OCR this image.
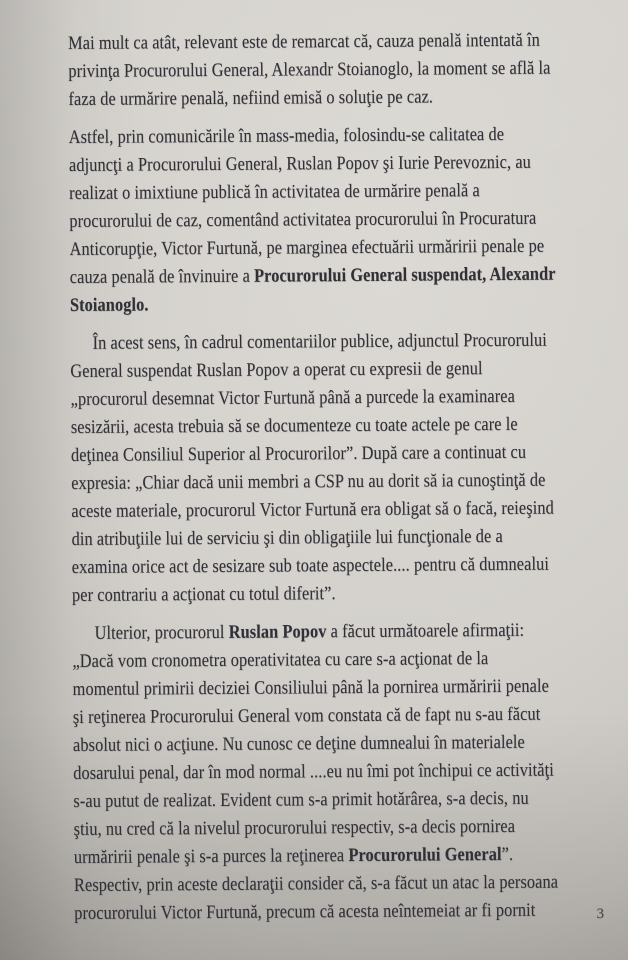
Mai mult ca atât, relevant este de remarcat că, cauza penală intentată în
privinţa Procurorului General, Alexandr Stoianoglo, la moment se află la
faza de urmărire penală, nefiind emisă o soluţie pe caz.
Astfel, prin comunicările în mass-media, folosindu-se calitatea de
adjuncţi a Procurorului General, Ruslan Popov şi Iurie Perevoznic, au
realizat o imixtiune publică în activitatea de urmărire penală a
procurorului de caz, comentând activitatea procurorului în Procuratura
Anticorupţie, Victor Furtună, pe marginea efectuării urmăririi penale pe
cauza penală de învinuire a Procurorului General suspendat, Alexandr
Stoianoglo.
În acest sens, în cadrul comentariilor publice, adjunctul Procurorului
General suspendat Ruslan Popov a operat cu expresii de genul
„procurorul desemnat Victor Furtună până a purcede la examinarea
sesizării, acesta trebuia să se documenteze cu toate actele pe care le
deţinea Consiliul Superior al Procurorilor”. După care a continuat cu
expresia: „Chiar dacă unii membri a CSP nu au dorit să ia cunoştinţă de
aceste materiale, procurorul Victor Furtună era obligat să o facă, reieşind
din atribuţiile lui de serviciu şi din obligaţiile lui funcţionale de a
examina orice act de sesizare sub toate aspectele.... pentru că dumnealui
per contrariu a acţionat cu totul diferit”.
Ulterior, procurorul Ruslan Popov a făcut următoarele afirmaţii:
„Dacă vom cronometra operativitatea cu care s-a acţionat de la
momentul primirii deciziei Consiliului până la pornirea urmăririi penale
şi reţinerea Procurorului General vom constata că de fapt nu s-au făcut
absolut nici o acţiune. Nu cunosc ce deţine dumnealui în materialele
dosarului penal, dar în mod normal ....eu nu îmi pot închipui ce activităţi
s-au putut de realizat. Evident cum s-a primit hotărârea, s-a decis, nu
ştiu, nu cred că la nivelul procurorului respectiv, s-a decis pornirea
urmăririi penale şi s-a purces la reţinerea Procurorului General”.
Respectiv, prin aceste declaraţii consider că, s-a făcut un atac la persoana
procurorului Victor Furtună, precum că acesta neîntemeiat ar fi pornit	3
